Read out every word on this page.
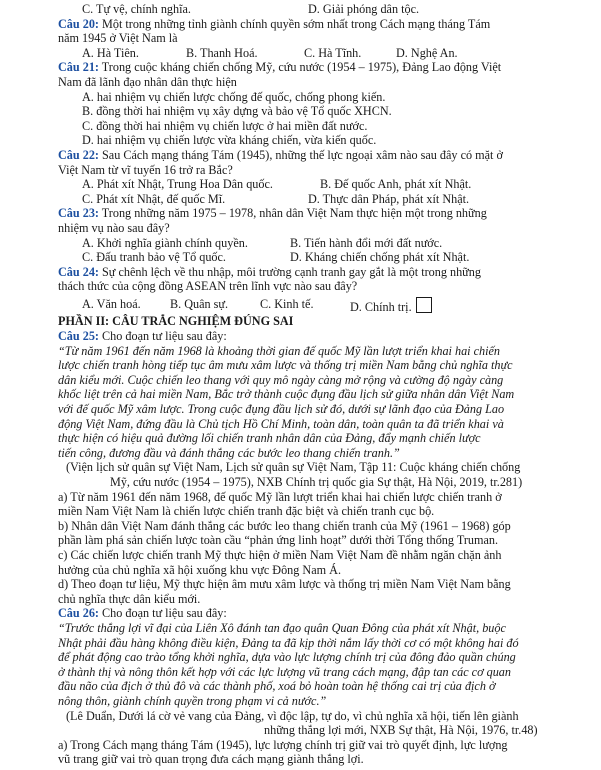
C. Tự vệ, chính nghĩa.	D. Giải phóng dân tộc.
Câu 20: Một trong những tỉnh giành chính quyền sớm nhất trong Cách mạng tháng Tám
năm 1945 ở Việt Nam là
A. Hà Tiên.	B. Thanh Hoá.	C. Hà Tĩnh.	D. Nghệ An.
Câu 21: Trong cuộc kháng chiến chống Mỹ, cứu nước (1954 – 1975), Đảng Lao động Việt
Nam đã lãnh đạo nhân dân thực hiện
A. hai nhiệm vụ chiến lược chống đế quốc, chống phong kiến.
B. đồng thời hai nhiệm vụ xây dựng và bảo vệ Tổ quốc XHCN.
C. đồng thời hai nhiệm vụ chiến lược ở hai miền đất nước.
D. hai nhiệm vụ chiến lược vừa kháng chiến, vừa kiến quốc.
Câu 22: Sau Cách mạng tháng Tám (1945), những thế lực ngoại xâm nào sau đây có mặt ở
Việt Nam từ vĩ tuyến 16 trở ra Bắc?
A. Phát xít Nhật, Trung Hoa Dân quốc.	B. Đế quốc Anh, phát xít Nhật.
C. Phát xít Nhật, đế quốc Mĩ.	D. Thực dân Pháp, phát xít Nhật.
Câu 23: Trong những năm 1975 – 1978, nhân dân Việt Nam thực hiện một trong những
nhiệm vụ nào sau đây?
A. Khởi nghĩa giành chính quyền.	B. Tiến hành đổi mới đất nước.
C. Đấu tranh bảo vệ Tổ quốc.	D. Kháng chiến chống phát xít Nhật.
Câu 24: Sự chênh lệch về thu nhập, môi trường cạnh tranh gay gắt là một trong những
thách thức của cộng đồng ASEAN trên lĩnh vực nào sau đây?
A. Văn hoá.	B. Quân sự.	C. Kinh tế.	D. Chính trị.
PHẦN II: CÂU TRẮC NGHIỆM ĐÚNG SAI
Câu 25: Cho đoạn tư liệu sau đây:
“Từ năm 1961 đến năm 1968 là khoảng thời gian đế quốc Mỹ lần lượt triển khai hai chiến
lược chiến tranh hòng tiếp tục âm mưu xâm lược và thống trị miền Nam bằng chủ nghĩa thực
dân kiểu mới. Cuộc chiến leo thang với quy mô ngày càng mở rộng và cường độ ngày càng
khốc liệt trên cả hai miền Nam, Bắc trở thành cuộc đụng đầu lịch sử giữa nhân dân Việt Nam
với đế quốc Mỹ xâm lược. Trong cuộc đụng đầu lịch sử đó, dưới sự lãnh đạo của Đảng Lao
động Việt Nam, đứng đầu là Chủ tịch Hồ Chí Minh, toàn dân, toàn quân ta đã triển khai và
thực hiện có hiệu quả đường lối chiến tranh nhân dân của Đảng, đẩy mạnh chiến lược
tiến công, đương đầu và đánh thắng các bước leo thang chiến tranh.”
(Viện lịch sử quân sự Việt Nam, Lịch sử quân sự Việt Nam, Tập 11: Cuộc kháng chiến chống
Mỹ, cứu nước (1954 – 1975), NXB Chính trị quốc gia Sự thật, Hà Nội, 2019, tr.281)
a) Từ năm 1961 đến năm 1968, đế quốc Mỹ lần lượt triển khai hai chiến lược chiến tranh ở
miền Nam Việt Nam là chiến lược chiến tranh đặc biệt và chiến tranh cục bộ.
b) Nhân dân Việt Nam đánh thắng các bước leo thang chiến tranh của Mỹ (1961 – 1968) góp
phần làm phá sản chiến lược toàn cầu “phản ứng linh hoạt” dưới thời Tổng thống Truman.
c) Các chiến lược chiến tranh Mỹ thực hiện ở miền Nam Việt Nam đề nhằm ngăn chặn ảnh
hưởng của chủ nghĩa xã hội xuống khu vực Đông Nam Á.
d) Theo đoạn tư liệu, Mỹ thực hiện âm mưu xâm lược và thống trị miền Nam Việt Nam bằng
chủ nghĩa thực dân kiểu mới.
Câu 26: Cho đoạn tư liệu sau đây:
“Trước thắng lợi vĩ đại của Liên Xô đánh tan đạo quân Quan Đông của phát xít Nhật, buộc
Nhật phải đầu hàng không điều kiện, Đảng ta đã kịp thời nắm lấy thời cơ có một không hai đó
để phát động cao trào tổng khởi nghĩa, dựa vào lực lượng chính trị của đông đảo quần chúng
ở thành thị và nông thôn kết hợp với các lực lượng vũ trang cách mạng, đập tan các cơ quan
đầu não của địch ở thủ đô và các thành phố, xoá bỏ hoàn toàn hệ thống cai trị của địch ở
nông thôn, giành chính quyền trong phạm vi cả nước.”
(Lê Duẩn, Dưới lá cờ vẻ vang của Đảng, vì độc lập, tự do, vì chủ nghĩa xã hội, tiến lên giành
những thắng lợi mới, NXB Sự thật, Hà Nội, 1976, tr.48)
a) Trong Cách mạng tháng Tám (1945), lực lượng chính trị giữ vai trò quyết định, lực lượng
vũ trang giữ vai trò quan trọng đưa cách mạng giành thắng lợi.
